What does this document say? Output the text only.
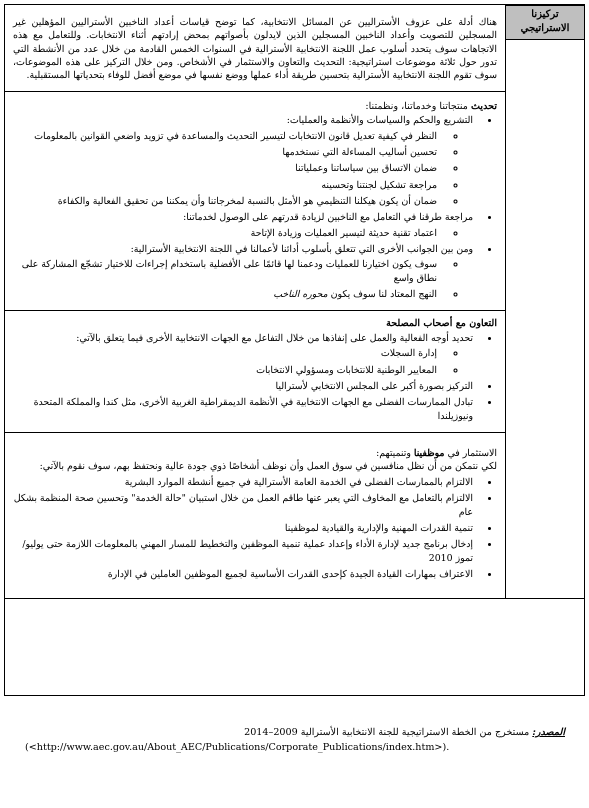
تركيزنا الاستراتيجي

هناك أدلة على عزوف الأستراليين عن المسائل الانتخابية، كما توضح قياسات أعداد الناخبين الأستراليين المؤهلين غير المسجلين للتصويت وأعداد الناخبين المسجلين الذين لايدلون بأصواتهم بمحض إرادتهم أثناء الانتخابات. وللتعامل مع هذه الاتجاهات سوف يتحدد أسلوب عمل اللجنة الانتخابية الأسترالية في السنوات الخمس القادمة من خلال عدد من الأنشطة التي تدور حول ثلاثة موضوعات استراتيجية: التحديث والتعاون والاستثمار في الأشخاص. ومن خلال التركيز على هذه الموضوعات، سوف تقوم اللجنة الانتخابية الأسترالية بتحسين طريقة أداء عملها ووضع نفسها في موضع أفضل للوفاء بتحدياتها المستقبلية.

تحديث منتجاتنا وخدماتنا، ونظمتنا:
• التشريع والحكم والسياسات والأنظمة والعمليات:
◦ النظر في كيفية تعديل قانون الانتخابات لتيسير التحديث والمساعدة في تزويد واضعي القوانين بالمعلومات
◦ تحسين أساليب المساءلة التي نستخدمها
◦ ضمان الاتساق بين سياساتنا وعملياتنا
◦ مراجعة تشكيل لجنتنا وتحسينه
◦ ضمان أن يكون هيكلنا التنظيمي هو الأمثل بالنسبة لمخرجاتنا وأن يمكننا من تحقيق الفعالية والكفاءة
• مراجعة طرقنا في التعامل مع الناخبين لزيادة قدرتهم على الوصول لخدماتنا:
◦ اعتماد تقنية حديثة لتيسير العمليات وزيادة الإتاحة
• ومن بين الجوانب الأخرى التي تتعلق بأسلوب أدائنا لأعمالنا في اللجنة الانتخابية الأسترالية:
◦ سوف يكون اختيارنا للعمليات ودعمنا لها قائمًا على الأفضلية باستخدام إجراءات للاختيار تشجّع المشاركة على نطاق واسع
◦ النهج المعتاد لنا سوف يكون محوره الناخب
التعاون مع أصحاب المصلحة
• تحديد أوجه الفعالية والعمل على إنفاذها من خلال التفاعل مع الجهات الانتخابية الأخرى فيما يتعلق بالآتي:
◦ إدارة السجلات
◦ المعايير الوطنية للانتخابات ومسؤولي الانتخابات
• التركيز بصورة أكبر على المجلس الانتخابي لأستراليا
• تبادل الممارسات الفضلى مع الجهات الانتخابية في الأنظمة الديمقراطية الغربية الأخرى، مثل كندا والمملكة المتحدة ونيوزيلندا

الاستثمار في موظفينا وتنميتهم:

لكي نتمكن من أن نظل منافسين في سوق العمل وأن نوظف أشخاصًا ذوي جودة عالية ونحتفظ بهم، سوف نقوم بالآتي:

• الالتزام بالممارسات الفضلى في الخدمة العامة الأسترالية في جميع أنشطة الموارد البشرية
• الالتزام بالتعامل مع المخاوف التي يعبر عنها طاقم العمل من خلال استبيان "حالة الخدمة" وتحسين صحة المنظمة بشكل عام
• تنمية القدرات المهنية والإدارية والقيادية لموظفينا
• إدخال برنامج جديد لإدارة الأداء وإعداد عملية تنمية الموظفين والتخطيط للمسار المهني بالمعلومات اللازمة حتى يوليو/تموز 2010
• الاعتراف بمهارات القيادة الجيدة كإحدى القدرات الأساسية لجميع الموظفين العاملين في الإدارة

المصدر: مستخرج من الخطة الاستراتيجية للجنة الانتخابية الأسترالية 2009–2014
(<http://www.aec.gov.au/About_AEC/Publications/Corporate_Publications/index.htm>).
